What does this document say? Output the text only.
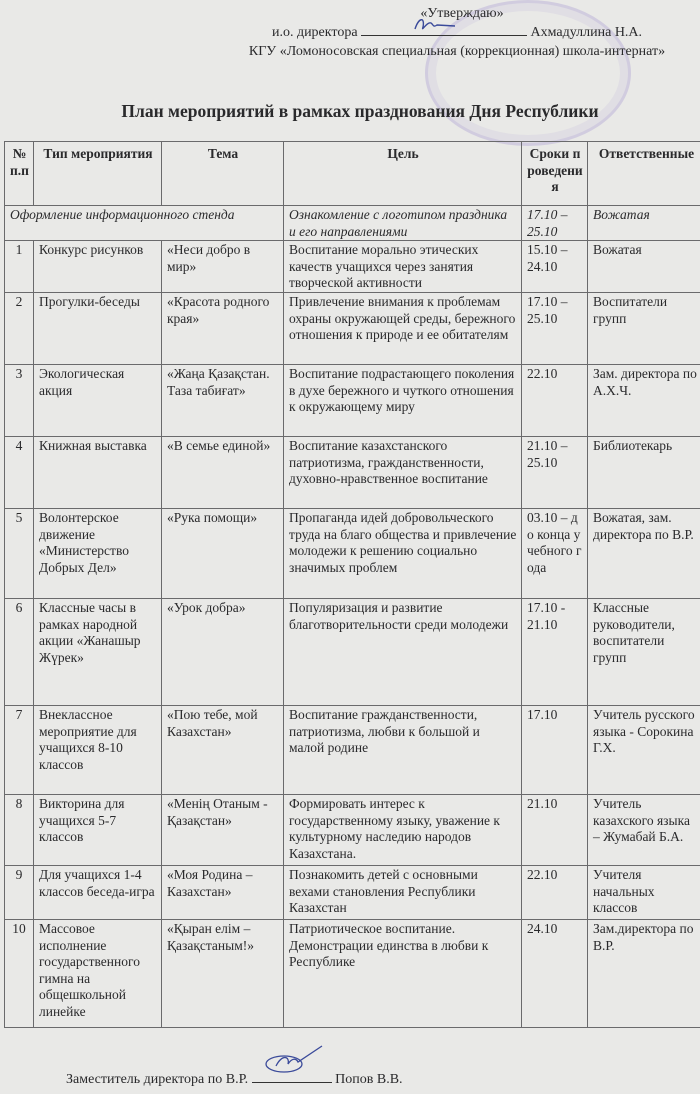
«Утверждаю»
и.о. директора	Ахмадуллина Н.А.
КГУ «Ломоносовская специальная (коррекционная) школа-интернат»
План мероприятий в рамках празднования Дня Республики
№ п.п	Тип мероприятия	Тема	Цель	Сроки проведения	Ответственные
Оформление информационного стенда			Ознакомление с логотипом праздника и его направлениями	17.10 – 25.10	Вожатая
1	Конкурс рисунков	«Неси добро в мир»	Воспитание морально этических качеств учащихся через занятия творческой активности	15.10 – 24.10	Вожатая
2	Прогулки-беседы	«Красота родного края»	Привлечение внимания к проблемам охраны окружающей среды, бережного отношения к природе и ее обитателям	17.10 – 25.10	Воспитатели групп
3	Экологическая акция	«Жаңа Қазақстан. Таза табиғат»	Воспитание подрастающего поколения в духе бережного и чуткого отношения к окружающему миру	22.10	Зам. директора по А.Х.Ч.
4	Книжная выставка	«В семье единой»	Воспитание казахстанского патриотизма, гражданственности, духовно-нравственное воспитание	21.10 – 25.10	Библиотекарь
5	Волонтерское движение «Министерство Добрых Дел»	«Рука помощи»	Пропаганда идей добровольческого труда на благо общества и привлечение молодежи к решению социально значимых проблем	03.10 – до конца учебного года	Вожатая, зам. директора по В.Р.
6	Классные часы в рамках народной акции «Жанашыр Жүрек»	«Урок добра»	Популяризация и развитие благотворительности среди молодежи	17.10 - 21.10	Классные руководители, воспитатели групп
7	Внеклассное мероприятие для учащихся 8-10 классов	«Пою тебе, мой Казахстан»	Воспитание гражданственности, патриотизма, любви к большой и малой родине	17.10	Учитель русского языка - Сорокина Г.Х.
8	Викторина для учащихся 5-7 классов	«Менің Отаным - Қазақстан»	Формировать интерес к государственному языку, уважение к культурному наследию народов Казахстана.	21.10	Учитель казахского языка – Жумабай Б.А.
9	Для учащихся 1-4 классов беседа-игра	«Моя Родина – Казахстан»	Познакомить детей с основными вехами становления Республики Казахстан	22.10	Учителя начальных классов
10	Массовое исполнение государственного гимна на общешкольной линейке	«Қыран елім – Қазақстаным!»	Патриотическое воспитание. Демонстрации единства в любви к Республике	24.10	Зам.директора по В.Р.
Заместитель директора по В.Р.	Попов В.В.
